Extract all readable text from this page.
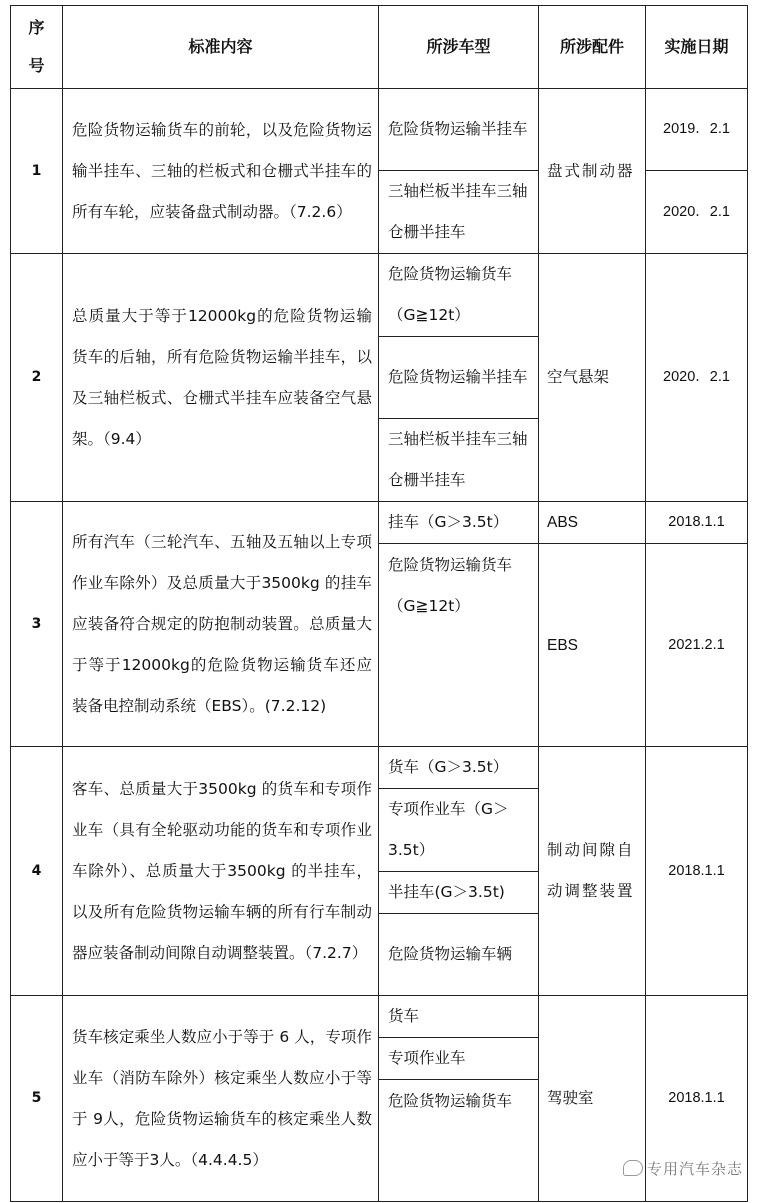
序号	标准内容	所涉车型	所涉配件	实施日期
1	危险货物运输货车的前轮，以及危险货物运输半挂车、三轴的栏板式和仓栅式半挂车的所有车轮，应装备盘式制动器。（7.2.6）	危险货物运输半挂车	盘式制动器	2019．2.1
		三轴栏板半挂车三轴仓栅半挂车		2020．2.1
2	总质量大于等于12000kg的危险货物运输货车的后轴，所有危险货物运输半挂车，以及三轴栏板式、仓栅式半挂车应装备空气悬架。（9.4）	危险货物运输货车（G≧12t）	空气悬架	2020．2.1
		危险货物运输半挂车		
		三轴栏板半挂车三轴仓栅半挂车		
3	所有汽车（三轮汽车、五轴及五轴以上专项作业车除外）及总质量大于3500kg 的挂车应装备符合规定的防抱制动装置。总质量大于等于12000kg的危险货物运输货车还应装备电控制动系统（EBS）。(7.2.12)	挂车（G＞3.5t）	ABS	2018.1.1
		危险货物运输货车（G≧12t）	EBS	2021.2.1
4	客车、总质量大于3500kg 的货车和专项作业车（具有全轮驱动功能的货车和专项作业车除外）、总质量大于3500kg 的半挂车，以及所有危险货物运输车辆的所有行车制动器应装备制动间隙自动调整装置。（7.2.7）	货车（G＞3.5t）	制动间隙自动调整装置	2018.1.1
		专项作业车（G＞3.5t）		
		半挂车(G＞3.5t)		
		危险货物运输车辆		
5	货车核定乘坐人数应小于等于 6 人，专项作业车（消防车除外）核定乘坐人数应小于等于 9人，危险货物运输货车的核定乘坐人数应小于等于3人。（4.4.4.5）	货车	驾驶室	2018.1.1
		专项作业车		
		危险货物运输货车		
专用汽车杂志
